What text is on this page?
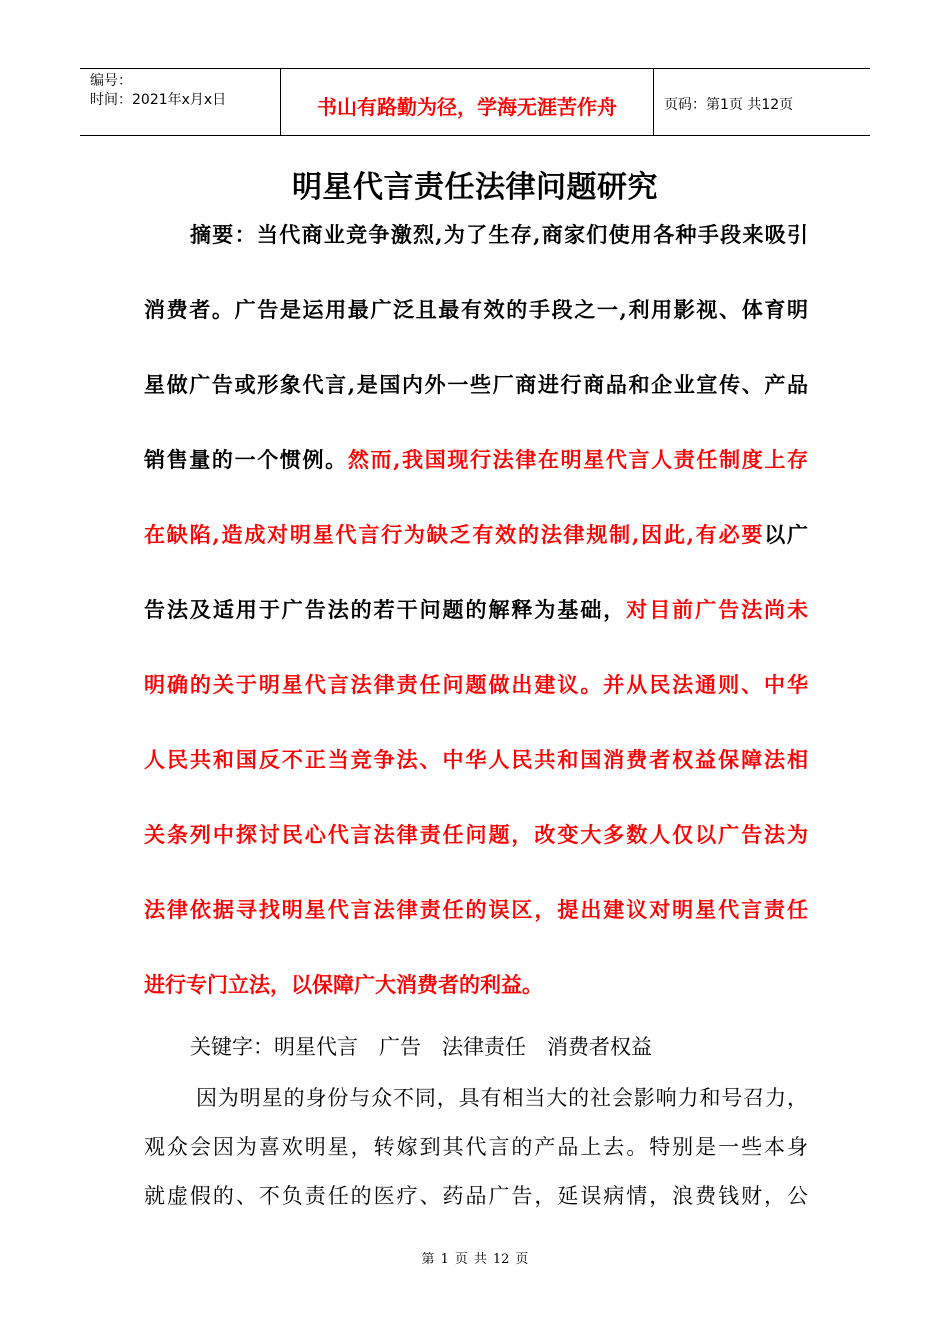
编号：
时间：2021年x月x日	书山有路勤为径，学海无涯苦作舟	页码：第1页 共12页
明星代言责任法律问题研究
摘要：当代商业竞争激烈,为了生存,商家们使用各种手段来吸引
消费者。广告是运用最广泛且最有效的手段之一,利用影视、体育明
星做广告或形象代言,是国内外一些厂商进行商品和企业宣传、产品
销售量的一个惯例。然而,我国现行法律在明星代言人责任制度上存
在缺陷,造成对明星代言行为缺乏有效的法律规制,因此,有必要以广
告法及适用于广告法的若干问题的解释为基础，对目前广告法尚未
明确的关于明星代言法律责任问题做出建议。并从民法通则、中华
人民共和国反不正当竞争法、中华人民共和国消费者权益保障法相
关条列中探讨民心代言法律责任问题，改变大多数人仅以广告法为
法律依据寻找明星代言法律责任的误区，提出建议对明星代言责任
进行专门立法，以保障广大消费者的利益。
关键字：明星代言　广告　法律责任　消费者权益
因为明星的身份与众不同，具有相当大的社会影响力和号召力，
观众会因为喜欢明星，转嫁到其代言的产品上去。特别是一些本身
就虚假的、不负责任的医疗、药品广告，延误病情，浪费钱财，公
第 1 页 共 12 页
